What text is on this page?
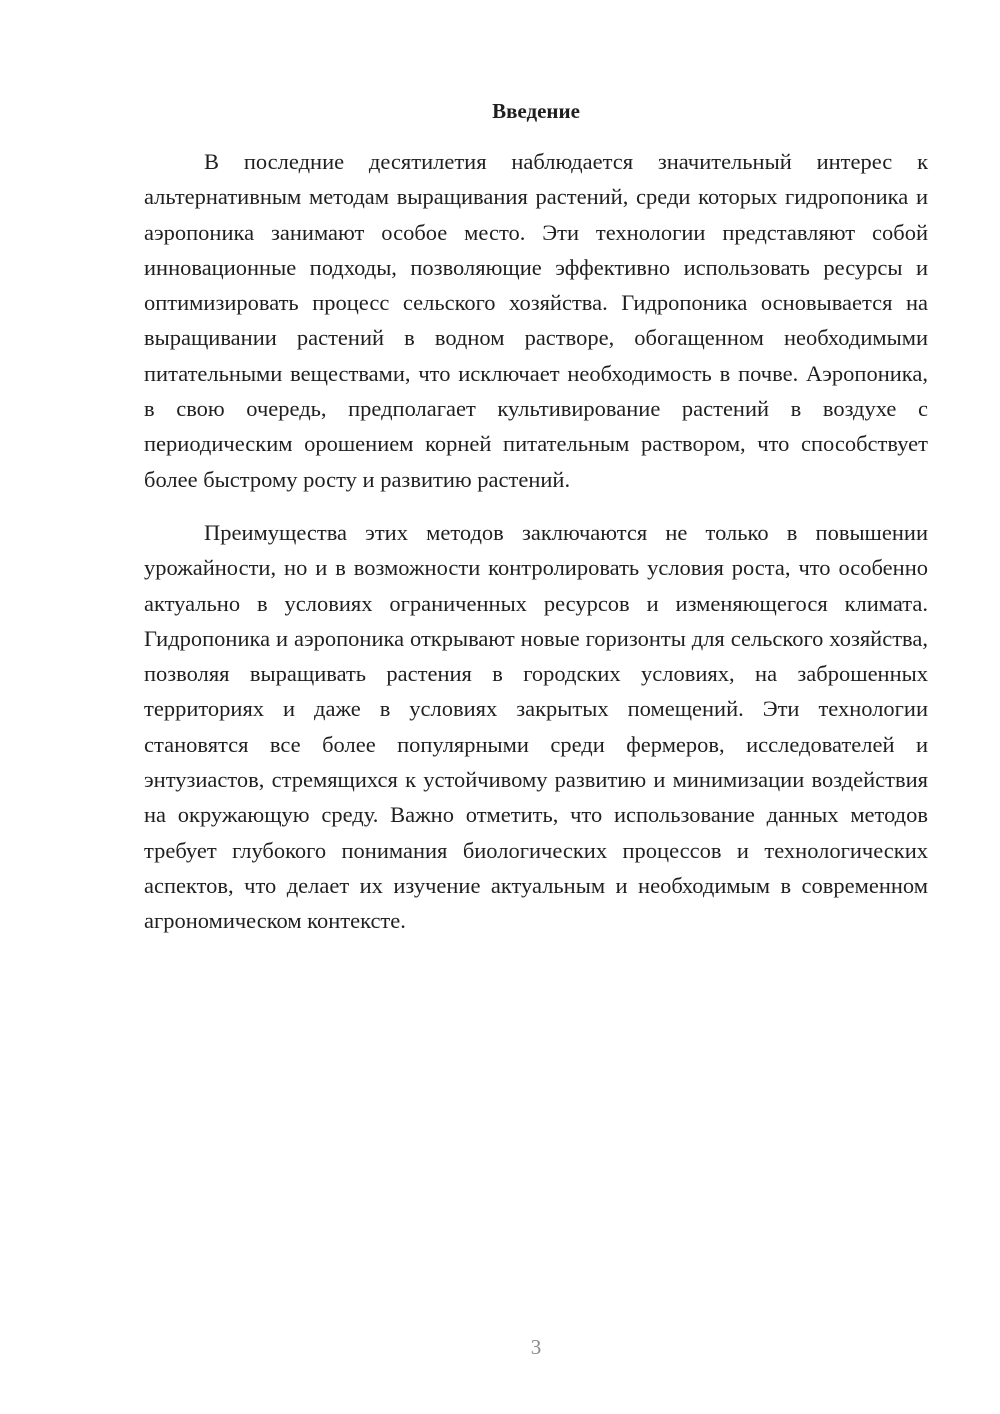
Введение

В последние десятилетия наблюдается значительный интерес к альтернативным методам выращивания растений, среди которых гидропоника и аэропоника занимают особое место. Эти технологии представляют собой инновационные подходы, позволяющие эффективно использовать ресурсы и оптимизировать процесс сельского хозяйства. Гидропоника основывается на выращивании растений в водном растворе, обогащенном необходимыми питательными веществами, что исключает необходимость в почве. Аэропоника, в свою очередь, предполагает культивирование растений в воздухе с периодическим орошением корней питательным раствором, что способствует более быстрому росту и развитию растений.

Преимущества этих методов заключаются не только в повышении урожайности, но и в возможности контролировать условия роста, что особенно актуально в условиях ограниченных ресурсов и изменяющегося климата. Гидропоника и аэропоника открывают новые горизонты для сельского хозяйства, позволяя выращивать растения в городских условиях, на заброшенных территориях и даже в условиях закрытых помещений. Эти технологии становятся все более популярными среди фермеров, исследователей и энтузиастов, стремящихся к устойчивому развитию и минимизации воздействия на окружающую среду. Важно отметить, что использование данных методов требует глубокого понимания биологических процессов и технологических аспектов, что делает их изучение актуальным и необходимым в современном агрономическом контексте.

3
